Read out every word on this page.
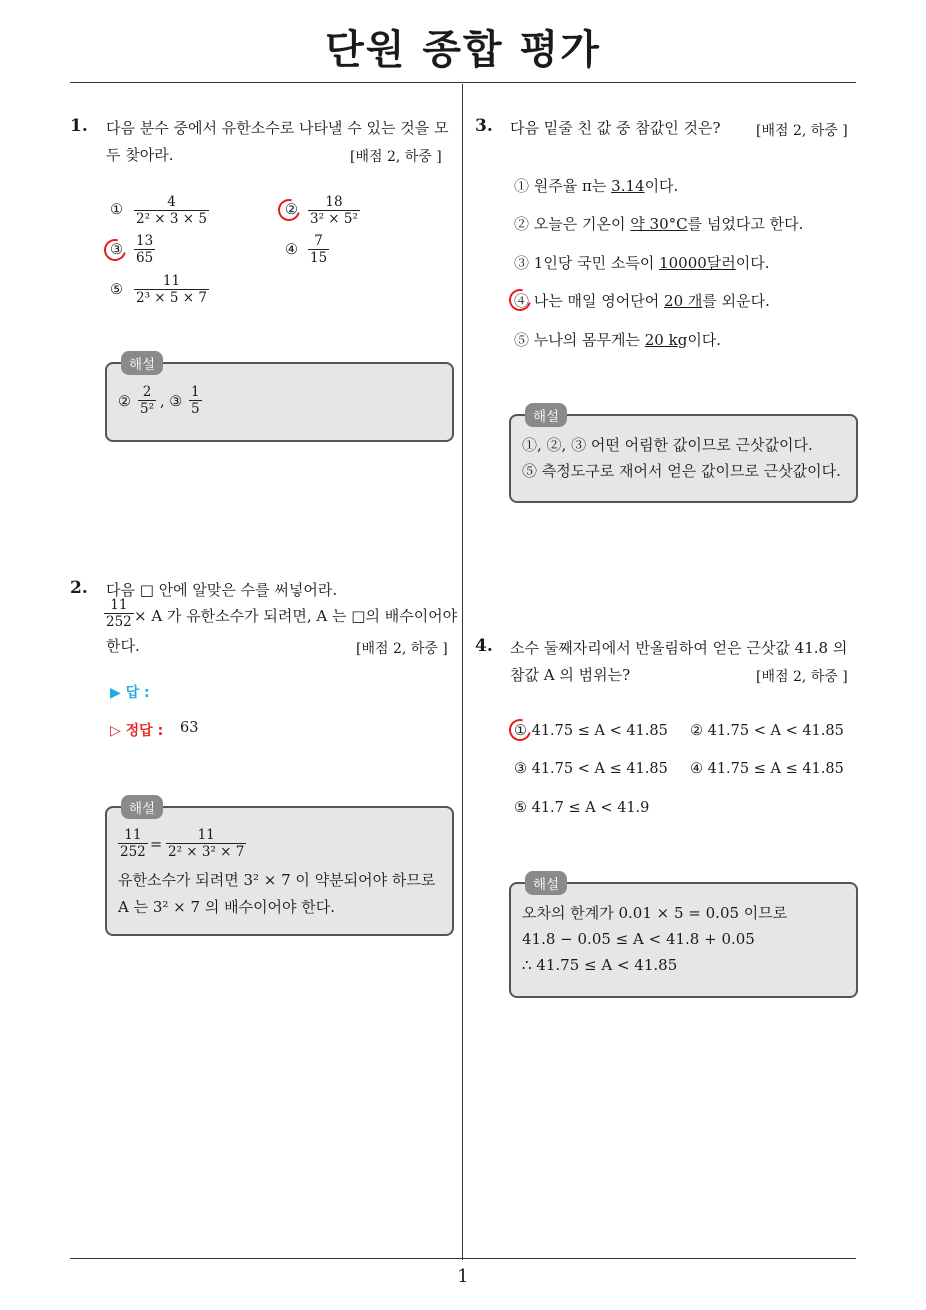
단원 종합 평가
1. 다음 분수 중에서 유한소수로 나타낼 수 있는 것을 모
두 찾아라.	[배점 2, 하중 ]
① $\frac{4}{\text{2² × 3 × 5}}$	② $\frac{18}{\text{3² × 5²}}$
③ $\frac{13}{65}$	④ $\frac{7}{15}$
⑤ $\frac{11}{\text{2³ × 5 × 7}}$
해설
② $\frac{2}{\text{5²}}$ , ③ $\frac{1}{5}$
2. 다음 □ 안에 알맞은 수를 써넣어라.
$\frac{11}{252} \times A$ 가 유한소수가 되려면, A 는 □의 배수이어야
한다.	[배점 2, 하중 ]
▶ 답 :
▷ 정답 : 63
해설
$\frac{11}{252} = \frac{11}{\text{2² × 3² × 7}}$
유한소수가 되려면 3² × 7 이 약분되어야 하므로
A 는 3² × 7 의 배수이어야 한다.
3. 다음 밑줄 친 값 중 참값인 것은?	[배점 2, 하중 ]
① 원주율 π는 3.14이다.
② 오늘은 기온이 약 30°C를 넘었다고 한다.
③ 1인당 국민 소득이 10000달러이다.
④ 나는 매일 영어단어 20 개를 외운다.
⑤ 누나의 몸무게는 20 kg이다.
해설
①, ②, ③ 어떤 어림한 값이므로 근삿값이다.
⑤ 측정도구로 재어서 얻은 값이므로 근삿값이다.
4. 소수 둘째자리에서 반올림하여 얻은 근삿값 41.8 의
참값 A 의 범위는?	[배점 2, 하중 ]
① 41.75 ≤ A < 41.85 ② 41.75 < A < 41.85
③ 41.75 < A ≤ 41.85 ④ 41.75 ≤ A ≤ 41.85
⑤ 41.7 ≤ A < 41.9
해설
오차의 한계가 0.01 × 5 = 0.05 이므로
41.8 − 0.05 ≤ A < 41.8 + 0.05
∴ 41.75 ≤ A < 41.85
1
